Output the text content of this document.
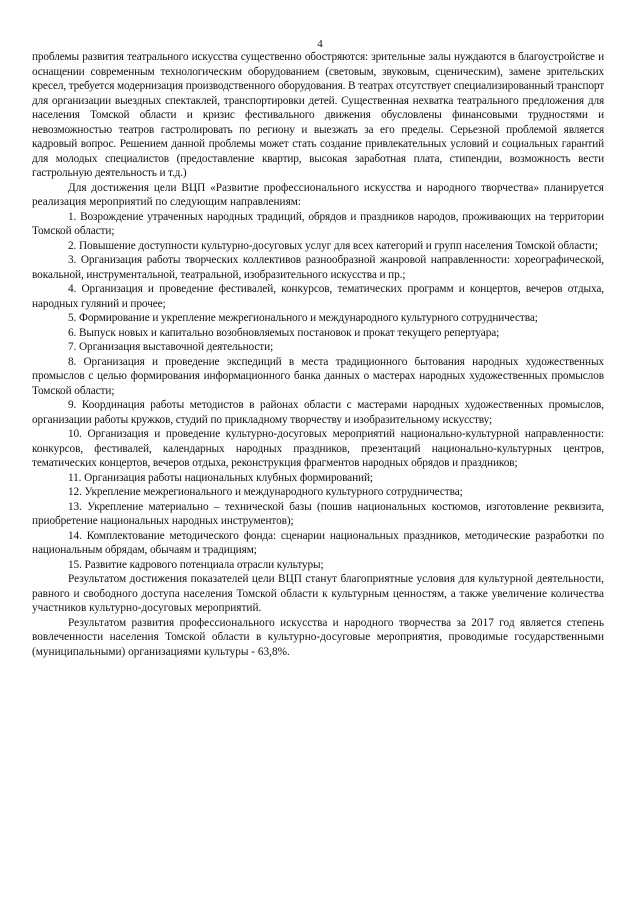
4

проблемы развития театрального искусства существенно обостряются: зрительные залы нуждаются в благоустройстве и оснащении современным технологическим оборудованием (световым, звуковым, сценическим), замене зрительских кресел, требуется модернизация производственного оборудования. В театрах отсутствует специализированный транспорт для организации выездных спектаклей, транспортировки детей. Существенная нехватка театрального предложения для населения Томской области и кризис фестивального движения обусловлены финансовыми трудностями и невозможностью театров гастролировать по региону и выезжать за его пределы. Серьезной проблемой является кадровый вопрос. Решением данной проблемы может стать создание привлекательных условий и социальных гарантий для молодых специалистов (предоставление квартир, высокая заработная плата, стипендии, возможность вести гастрольную деятельность и т.д.)

Для достижения цели ВЦП «Развитие профессионального искусства и народного творчества» планируется реализация мероприятий по следующим направлениям:

1. Возрождение утраченных народных традиций, обрядов и праздников народов, проживающих на территории Томской области;

2. Повышение доступности культурно-досуговых услуг для всех категорий и групп населения Томской области;

3. Организация работы творческих коллективов разнообразной жанровой направленности: хореографической, вокальной, инструментальной, театральной, изобразительного искусства и пр.;

4. Организация и проведение фестивалей, конкурсов, тематических программ и концертов, вечеров отдыха, народных гуляний и прочее;

5. Формирование и укрепление межрегионального и международного культурного сотрудничества;

6. Выпуск новых и капитально возобновляемых постановок и прокат текущего репертуара;

7. Организация выставочной деятельности;

8. Организация и проведение экспедиций в места традиционного бытования народных художественных промыслов с целью формирования информационного банка данных о мастерах народных художественных промыслов Томской области;

9. Координация работы методистов в районах области с мастерами народных художественных промыслов, организации работы кружков, студий по прикладному творчеству и изобразительному искусству;

10. Организация и проведение культурно-досуговых мероприятий национально-культурной направленности: конкурсов, фестивалей, календарных народных праздников, презентаций национально-культурных центров, тематических концертов, вечеров отдыха, реконструкция фрагментов народных обрядов и праздников;

11. Организация работы национальных клубных формирований;

12. Укрепление межрегионального и международного культурного сотрудничества;

13. Укрепление материально – технической базы (пошив национальных костюмов, изготовление реквизита, приобретение национальных народных инструментов);

14. Комплектование методического фонда: сценарии национальных праздников, методические разработки по национальным обрядам, обычаям и традициям;

15. Развитие кадрового потенциала отрасли культуры;

Результатом достижения показателей цели ВЦП станут благоприятные условия для культурной деятельности, равного и свободного доступа населения Томской области к культурным ценностям, а также увеличение количества участников культурно-досуговых мероприятий.

Результатом развития профессионального искусства и народного творчества за 2017 год является степень вовлеченности населения Томской области в культурно-досуговые мероприятия, проводимые государственными (муниципальными) организациями культуры - 63,8%.
